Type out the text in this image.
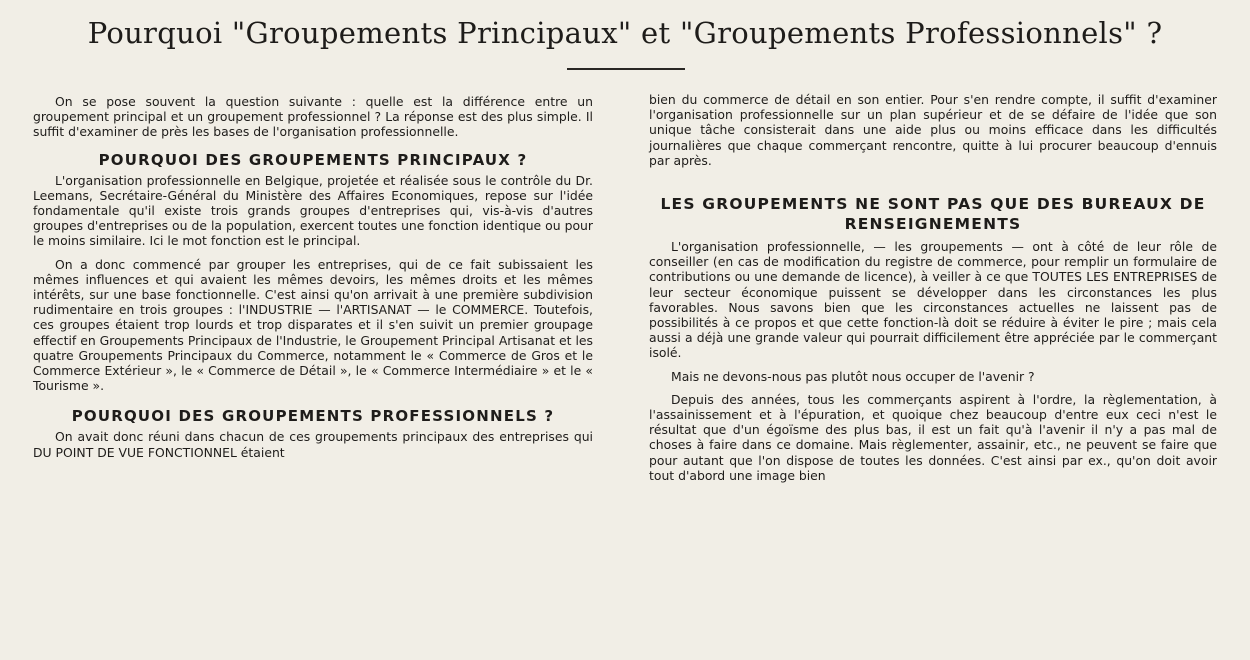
Pourquoi "Groupements Principaux" et "Groupements Professionnels" ?

On se pose souvent la question suivante : quelle est la différence entre un groupement principal et un groupement professionnel ? La réponse est des plus simple. Il suffit d'examiner de près les bases de l'organisation professionnelle.

POURQUOI DES GROUPEMENTS PRINCIPAUX ?

L'organisation professionnelle en Belgique, projetée et réalisée sous le contrôle du Dr. Leemans, Secrétaire-Général du Ministère des Affaires Economiques, repose sur l'idée fondamentale qu'il existe trois grands groupes d'entreprises qui, vis-à-vis d'autres groupes d'entreprises ou de la population, exercent toutes une fonction identique ou pour le moins similaire. Ici le mot fonction est le principal.

On a donc commencé par grouper les entreprises, qui de ce fait subissaient les mêmes influences et qui avaient les mêmes devoirs, les mêmes droits et les mêmes intérêts, sur une base fonctionnelle. C'est ainsi qu'on arrivait à une première subdivision rudimentaire en trois groupes : l'INDUSTRIE — l'ARTISANAT — le COMMERCE. Toutefois, ces groupes étaient trop lourds et trop disparates et il s'en suivit un premier groupage effectif en Groupements Principaux de l'Industrie, le Groupement Principal Artisanat et les quatre Groupements Principaux du Commerce, notamment le « Commerce de Gros et le Commerce Extérieur », le « Commerce de Détail », le « Commerce Intermédiaire » et le « Tourisme ».

POURQUOI DES GROUPEMENTS PROFESSIONNELS ?

On avait donc réuni dans chacun de ces groupements principaux des entreprises qui DU POINT DE VUE FONCTIONNEL étaient

bien du commerce de détail en son entier. Pour s'en rendre compte, il suffit d'examiner l'organisation professionnelle sur un plan supérieur et de se défaire de l'idée que son unique tâche consisterait dans une aide plus ou moins efficace dans les difficultés journalières que chaque commerçant rencontre, quitte à lui procurer beaucoup d'ennuis par après.

LES GROUPEMENTS NE SONT PAS QUE DES BUREAUX DE RENSEIGNEMENTS

L'organisation professionnelle, — les groupements — ont à côté de leur rôle de conseiller (en cas de modification du registre de commerce, pour remplir un formulaire de contributions ou une demande de licence), à veiller à ce que TOUTES LES ENTREPRISES de leur secteur économique puissent se développer dans les circonstances les plus favorables. Nous savons bien que les circonstances actuelles ne laissent pas de possibilités à ce propos et que cette fonction-là doit se réduire à éviter le pire ; mais cela aussi a déjà une grande valeur qui pourrait difficilement être appréciée par le commerçant isolé.

Mais ne devons-nous pas plutôt nous occuper de l'avenir ?

Depuis des années, tous les commerçants aspirent à l'ordre, la règlementation, à l'assainissement et à l'épuration, et quoique chez beaucoup d'entre eux ceci n'est le résultat que d'un égoïsme des plus bas, il est un fait qu'à l'avenir il n'y a pas mal de choses à faire dans ce domaine. Mais règlementer, assainir, etc., ne peuvent se faire que pour autant que l'on dispose de toutes les données. C'est ainsi par ex., qu'on doit avoir tout d'abord une image bien
